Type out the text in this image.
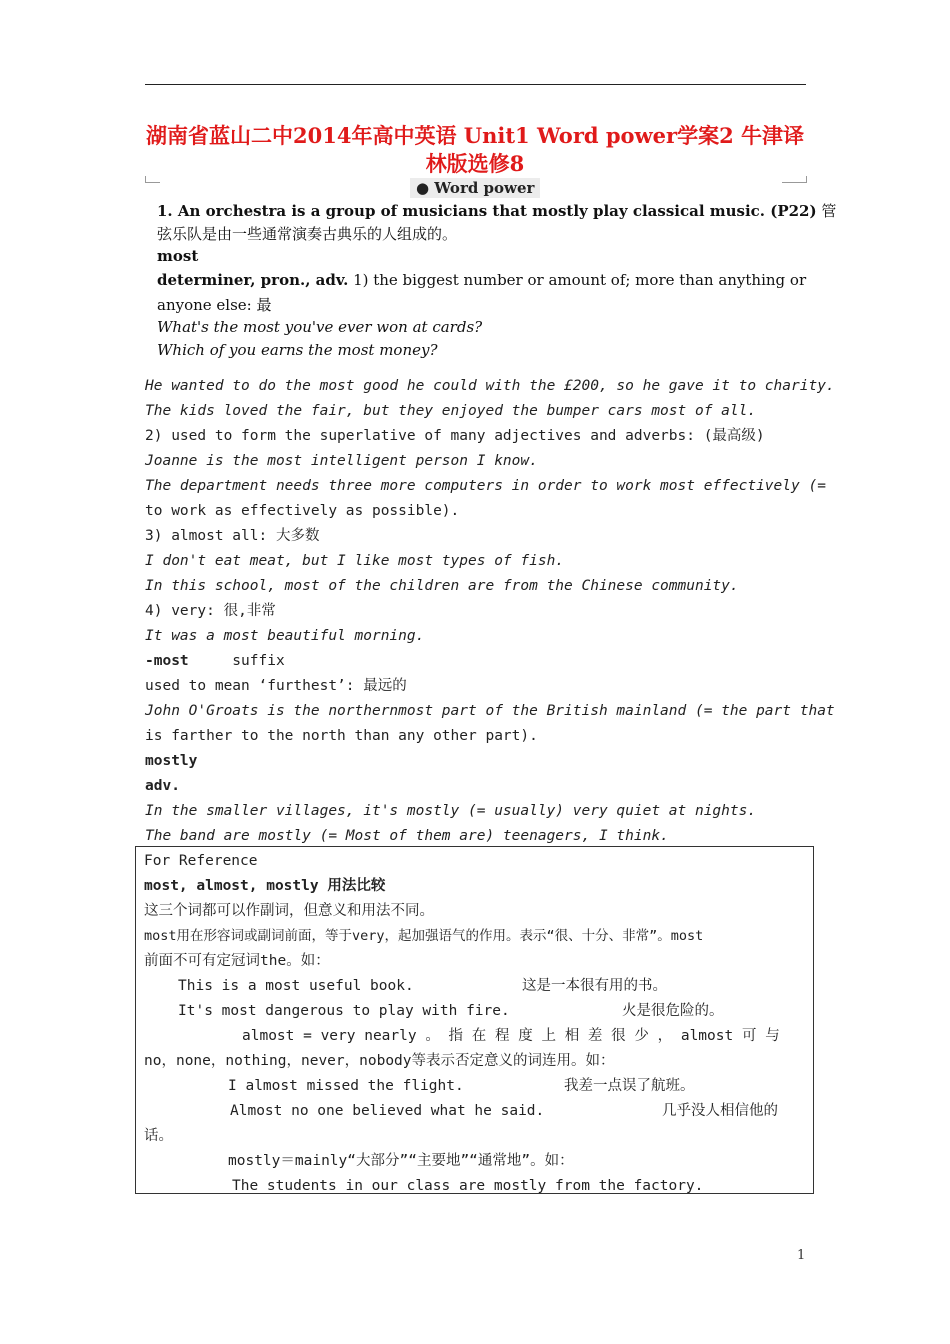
湖南省蓝山二中2014年高中英语 Unit1 Word power学案2 牛津译
林版选修8
● Word power
1. An orchestra is a group of musicians that mostly play classical music. (P22) 管
弦乐队是由一些通常演奏古典乐的人组成的。
most
determiner, pron., adv. 1) the biggest number or amount of; more than anything or
anyone else: 最
What's the most you've ever won at cards?
Which of you earns the most money?
He wanted to do the most good he could with the £200, so he gave it to charity.
The kids loved the fair, but they enjoyed the bumper cars most of all.
2) used to form the superlative of many adjectives and adverbs: (最高级)
Joanne is the most intelligent person I know.
The department needs three more computers in order to work most effectively (=
to work as effectively as possible).
3) almost all: 大多数
I don't eat meat, but I like most types of fish.
In this school, most of the children are from the Chinese community.
4) very: 很,非常
It was a most beautiful morning.
-most     suffix
used to mean ‘furthest’: 最远的
John O'Groats is the northernmost part of the British mainland (= the part that
is farther to the north than any other part).
mostly
adv.
In the smaller villages, it's mostly (= usually) very quiet at nights.
The band are mostly (= Most of them are) teenagers, I think.
For Reference
most, almost, mostly 用法比较
这三个词都可以作副词，但意义和用法不同。
most用在形容词或副词前面，等于very，起加强语气的作用。表示“很、十分、非常”。most
前面不可有定冠词the。如：
This is a most useful book.	这是一本很有用的书。
It's most dangerous to play with fire.	火是很危险的。
almost = very nearly 。 指 在 程 度 上 相 差 很 少 ， almost 可 与
no，none，nothing，never，nobody等表示否定意义的词连用。如：
I almost missed the flight.	我差一点误了航班。
Almost no one believed what he said.	几乎没人相信他的
话。
mostly＝mainly“大部分”“主要地”“通常地”。如：
The students in our class are mostly from the factory.
1
